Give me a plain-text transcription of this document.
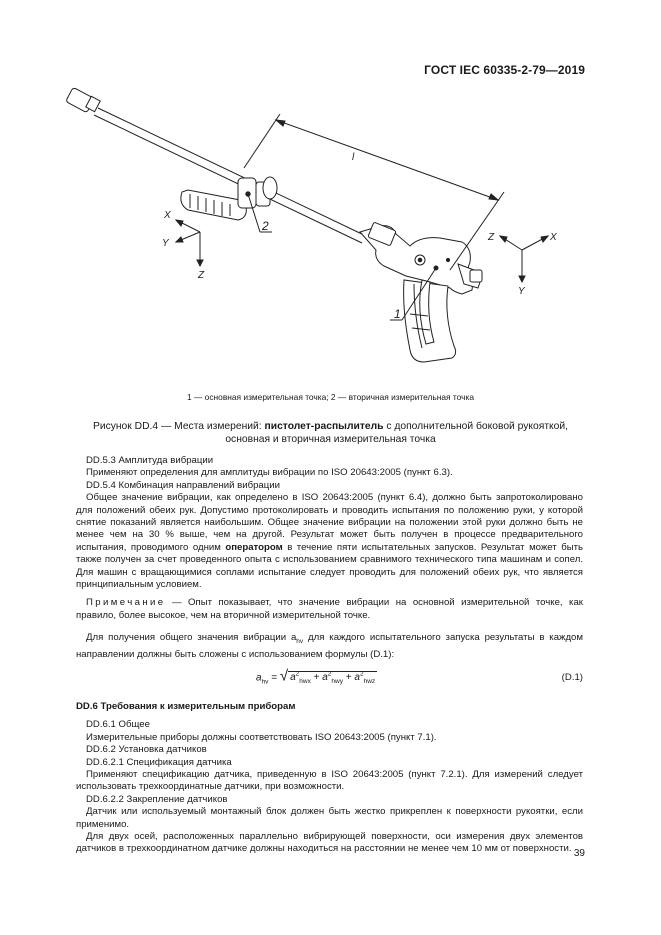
ГОСТ IEC 60335-2-79—2019
l
2
1
X
Y
Z
Z	X
Y
1 — основная измерительная точка; 2 — вторичная измерительная точка
Рисунок DD.4 — Места измерений: пистолет-распылитель с дополнительной боковой рукояткой,
основная и вторичная измерительная точка

DD.5.3 Амплитуда вибрации

Применяют определения для амплитуды вибрации по ISO 20643:2005 (пункт 6.3).

DD.5.4 Комбинация направлений вибрации

Общее значение вибрации, как определено в ISO 20643:2005 (пункт 6.4), должно быть запротоколировано для положений обеих рук. Допустимо протоколировать и проводить испытания по положению руки, у которой снятие показаний является наибольшим. Общее значение вибрации на положении этой руки должно быть не менее чем на 30 % выше, чем на другой. Результат может быть получен в процессе предварительного испытания, проводимого одним оператором в течение пяти испытательных запусков. Результат может быть также получен за счет проведенного опыта с использованием сравнимого технического типа машинам и сопел. Для машин с вращающимися соплами испытание следует проводить для положений обеих рук, что является принципиальным условием.

Примечание — Опыт показывает, что значение вибрации на основной измерительной точке, как правило, более высокое, чем на вторичной измерительной точке.

Для получения общего значения вибрации $a_{hv}$ для каждого испытательного запуска результаты в каждом направлении должны быть сложены с использованием формулы (D.1):

$a_{hv}$ = √ $a^2_{hwx} + a^2_{hwy} + a^2_{hwz}$	(D.1)

DD.6 Требования к измерительным приборам

DD.6.1 Общее

Измерительные приборы должны соответствовать ISO 20643:2005 (пункт 7.1).

DD.6.2 Установка датчиков

DD.6.2.1 Спецификация датчика

Применяют спецификацию датчика, приведенную в ISO 20643:2005 (пункт 7.2.1). Для измерений следует использовать трехкоординатные датчики, при возможности.

DD.6.2.2 Закрепление датчиков

Датчик или используемый монтажный блок должен быть жестко прикреплен к поверхности рукоятки, если применимо.

Для двух осей, расположенных параллельно вибрирующей поверхности, оси измерения двух элементов датчиков в трехкоординатном датчике должны находиться на расстоянии не менее чем 10 мм от поверхности. 39
